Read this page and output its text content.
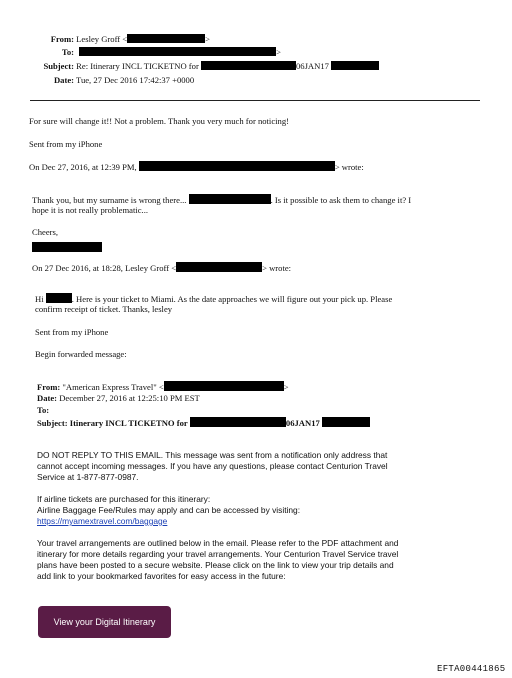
From: Lesley Groff <	>
To:	>
Subject: Re: Itinerary INCL TICKETNO for	06JAN17
Date: Tue, 27 Dec 2016 17:42:37 +0000
For sure will change it!! Not a problem. Thank you very much for noticing!
Sent from my iPhone
On Dec 27, 2016, at 12:39 PM,	> wrote:
Thank you, but my surname is wrong there...	. Is it possible to ask them to change it? I
hope it is not really problematic...
Cheers,
On 27 Dec 2016, at 18:28, Lesley Groff <	> wrote:
Hi	. Here is your ticket to Miami. As the date approaches we will figure out your pick up. Please
confirm receipt of ticket. Thanks, lesley
Sent from my iPhone
Begin forwarded message:
From: "American Express Travel" <	>
Date: December 27, 2016 at 12:25:10 PM EST
To:
Subject: Itinerary INCL TICKETNO for	06JAN17
DO NOT REPLY TO THIS EMAIL. This message was sent from a notification only address that
cannot accept incoming messages. If you have any questions, please contact Centurion Travel
Service at 1-877-877-0987.
If airline tickets are purchased for this itinerary:
Airline Baggage Fee/Rules may apply and can be accessed by visiting:
https://myamextravel.com/baggage
Your travel arrangements are outlined below in the email. Please refer to the PDF attachment and
itinerary for more details regarding your travel arrangements. Your Centurion Travel Service travel
plans have been posted to a secure website. Please click on the link to view your trip details and
add link to your bookmarked favorites for easy access in the future:
View your Digital Itinerary
EFTA00441865
